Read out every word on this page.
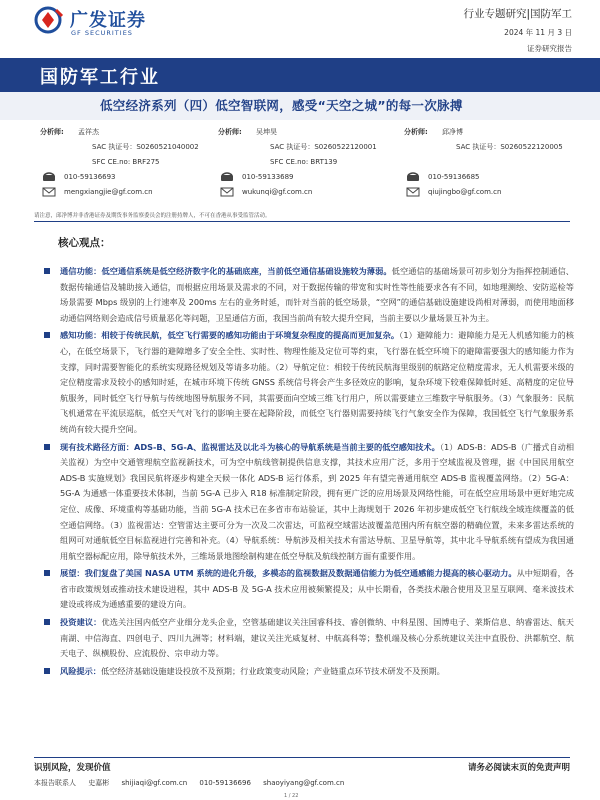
广发证券
GF SECURITIES
行业专题研究|国防军工
2024 年 11 月 3 日
证券研究报告
国防军工行业
低空经济系列（四）低空智联网，感受“天空之城”的每一次脉搏
分析师:	孟祥杰
SAC 执证号：S0260521040002
SFC CE.no: BRF275
010-59136693
mengxiangjie@gf.com.cn
分析师:	吴坤昊
SAC 执证号：S0260522120001
SFC CE.no: BRT139
010-59133689
wukunqi@gf.com.cn
分析师:	邱净博
SAC 执证号：S0260522120005
010-59136685
qiujingbo@gf.com.cn
请注意，邱净博并非香港证券及期货事务监察委员会的注册持牌人，不可在香港从事受监管活动。
核心观点：

通信功能：低空通信系统是低空经济数字化的基础底座，当前低空通信基础设施较为薄弱。低空通信的基础场景可初步划分为指挥控制通信、数据传输通信及辅助接入通信，而根据应用场景及需求的不同，对于数据传输的带宽和实时性等性能要求各有不同，如地理测绘、安防巡检等场景需要 Mbps 级别的上行速率及 200ms 左右的业务时延，而针对当前的低空场景，“空网”的通信基础设施建设尚相对薄弱，而使用地面移动通信网络则会造成信号质量恶化等问题，卫星通信方面，我国当前尚有较大提升空间，当前主要以少量场景互补为主。

感知功能：相较于传统民航，低空飞行需要的感知功能由于环境复杂程度的提高而更加复杂。（1）避障能力：避障能力是无人机感知能力的核心，在低空场景下，飞行器的避障增多了安全全性、实时性、物理性能及定位可等约束，飞行器在低空环境下的避障需要强大的感知能力作为支撑，同时需要智能化的系统实现路径规划及等请多功能。（2）导航定位：相较于传统民航海里级别的航路定位精度需求，无人机需要米级的定位精度需求及较小的感知时延，在城市环境下传统 GNSS 系统信号将会产生多径效应的影响，复杂环境下较难保障低时延、高精度的定位导航服务，同时低空飞行导航与传统地图导航服务不同，其需要面向空域三维飞行用户，所以需要建立三维数字导航服务。（3）气象服务：民航飞机通常在平流层巡航，低空天气对飞行的影响主要在起降阶段，而低空飞行器则需要持续飞行气象安全作为保障，我国低空飞行气象服务系统尚有较大提升空间。

现有技术路径方面：ADS-B、5G-A、监视雷达及以北斗为核心的导航系统是当前主要的低空感知技术。（1）ADS-B：ADS-B（广播式自动相关监视）为空中交通管理航空监视新技术，可为空中航线管制提供信息支撑，其技术应用广泛，多用于空域监视及管理，据《中国民用航空 ADS-B 实施规划》我国民航将逐步构建全天候一体化 ADS-B 运行体系，到 2025 年有望完善通用航空 ADS-B 监视覆盖网络。（2）5G-A：5G-A 为通感一体重要技术体制，当前 5G-A 已步入 R18 标准制定阶段，拥有更广泛的应用场景及网络性能，可在低空应用场景中更好地完成定位、成像、环境重构等基础功能，当前 5G-A 技术已在多省市布站验证，其中上海规划于 2026 年初步建成低空飞行航线全域连续覆盖的低空通信网络。（3）监视雷达：空管雷达主要可分为一次及二次雷达，可监视空域雷达波覆盖范围内所有航空器的精确位置，未来多雷达系统的组网可对通航低空目标监视进行完善和补充。（4）导航系统：导航涉及相关技术有雷达导航、卫星导航等，其中北斗导航系统有望成为我国通用航空器标配应用，除导航技术外，三维场景地图绘制构建在低空导航及航线控制方面有重要作用。

展望：我们复盘了美国 NASA UTM 系统的进化升级，多模态的监视数据及数据通信能力为低空通感能力提高的核心驱动力。从中短期看，各省市政策规划或推动技术建设进程，其中 ADS-B 及 5G-A 技术应用被频繁提及；从中长期看，各类技术融合使用及卫星互联网、毫米波技术建设或将成为通感重要的建设方向。

投资建议：优选关注国内低空产业细分龙头企业，空管基础建议关注国睿科技、睿创微纳、中科星图、国博电子、莱斯信息、纳睿雷达、航天南湖、中信海直、四创电子、四川九洲等；材料端，建议关注光威复材、中航高科等；整机端及核心分系统建议关注中直股份、洪都航空、航天电子、纵横股份、应流股份、宗申动力等。

风险提示：低空经济基础设施建设投放不及预期；行业政策变动风险；产业链重点环节技术研发不及预期。

识别风险，发现价值	请务必阅读末页的免责声明
本报告联系人 史嘉彬 shijiaqi@gf.com.cn 010-59136696 shaoyiyang@gf.com.cn
1 / 22
